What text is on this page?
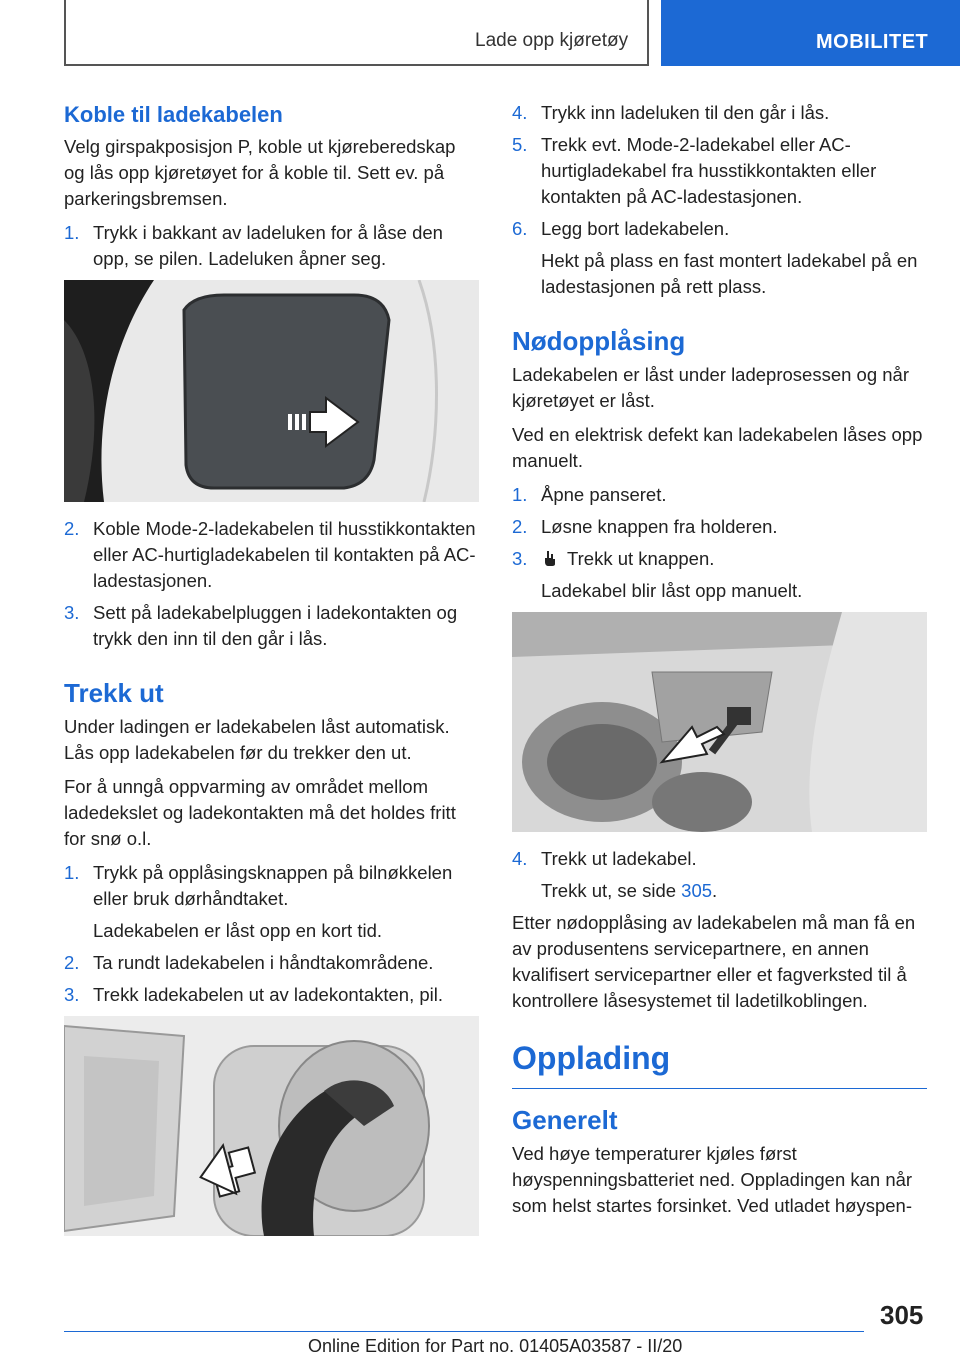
Lade opp kjøretøy	MOBILITET
Koble til ladekabelen
Velg girspakposisjon P, koble ut kjøreberedskap og lås opp kjøretøyet for å koble til. Sett ev. på parkeringsbremsen.
1. Trykk i bakkant av ladeluken for å låse den opp, se pilen. Ladeluken åpner seg.
2. Koble Mode-2-ladekabelen til husstikkontakten eller AC-hurtigladekabelen til kontakten på AC-ladestasjonen.
3. Sett på ladekabelpluggen i ladekontakten og trykk den inn til den går i lås.
Trekk ut
Under ladingen er ladekabelen låst automatisk. Lås opp ladekabelen før du trekker den ut.
For å unngå oppvarming av området mellom ladedekslet og ladekontakten må det holdes fritt for snø o.l.
1. Trykk på opplåsingsknappen på bilnøkkelen eller bruk dørhåndtaket.
Ladekabelen er låst opp en kort tid.
2. Ta rundt ladekabelen i håndtakområdene.
3. Trekk ladekabelen ut av ladekontakten, pil.
4. Trykk inn ladeluken til den går i lås.
5. Trekk evt. Mode-2-ladekabel eller AC-hurtigladekabel fra husstikkontakten eller kontakten på AC-ladestasjonen.
6. Legg bort ladekabelen.
Hekt på plass en fast montert ladekabel på en ladestasjonen på rett plass.
Nødopplåsing
Ladekabelen er låst under ladeprosessen og når kjøretøyet er låst.
Ved en elektrisk defekt kan ladekabelen låses opp manuelt.
1. Åpne panseret.
2. Løsne knappen fra holderen.
3.	Trekk ut knappen.
Ladekabel blir låst opp manuelt.
4. Trekk ut ladekabel.
Trekk ut, se side 305.
Etter nødopplåsing av ladekabelen må man få en av produsentens servicepartnere, en annen kvalifisert servicepartner eller et fagverksted til å kontrollere låsesystemet til ladetilkoblingen.
Opplading
Generelt
Ved høye temperaturer kjøles først høyspenningsbatteriet ned. Oppladingen kan når som helst startes forsinket. Ved utladet høyspen-
305
Online Edition for Part no. 01405A03587 - II/20
